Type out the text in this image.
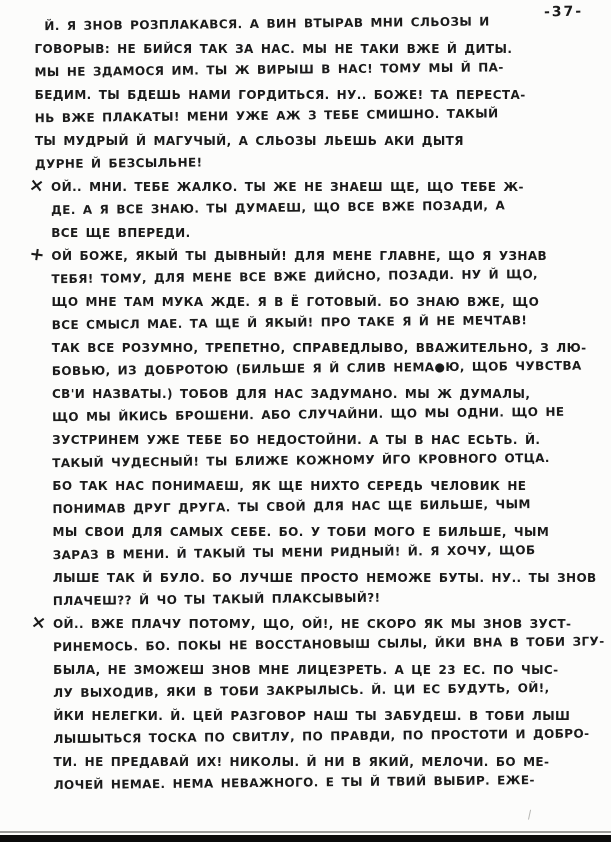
-37-
Й. Я ЗНОВ РОЗПЛАКАВСЯ. А ВИН ВТЫРАВ МНИ СЛЬОЗЫ И
ГОВОРЫВ: НЕ БИЙСЯ ТАК ЗА НАС. МЫ НЕ ТАКИ ВЖЕ Й ДИТЫ.
МЫ НЕ ЗДАМОСЯ ИМ. ТЫ Ж ВИРЫШ В НАС! ТОМУ МЫ Й ПА-
БЕДИМ. ТЫ БДЕШЬ НАМИ ГОРДИТЬСЯ. НУ.. БОЖЕ! ТА ПЕРЕСТА-
НЬ ВЖЕ ПЛАКАТЫ! МЕНИ УЖЕ АЖ З ТЕБЕ СМИШНО. ТАКЫЙ
ТЫ МУДРЫЙ Й МАГУЧЫЙ, А СЛЬОЗЫ ЛЬЕШЬ АКИ ДЫТЯ
ДУРНЕ Й БЕЗСЫЛЬНЕ!
× ОЙ.. МНИ. ТЕБЕ ЖАЛКО. ТЫ ЖЕ НЕ ЗНАЕШ ЩЕ, ЩО ТЕБЕ Ж-
ДЕ. А Я ВСЕ ЗНАЮ. ТЫ ДУМАЕШ, ЩО ВСЕ ВЖЕ ПОЗАДИ, А
ВСЕ ЩЕ ВПЕРЕДИ.
+ ОЙ БОЖЕ, ЯКЫЙ ТЫ ДЫВНЫЙ! ДЛЯ МЕНЕ ГЛАВНЕ, ЩО Я УЗНАВ
ТЕБЯ! ТОМУ, ДЛЯ МЕНЕ ВСЕ ВЖЕ ДИЙСНО, ПОЗАДИ. НУ Й ЩО,
ЩО МНЕ ТАМ МУКА ЖДЕ. Я В Ё ГОТОВЫЙ. БО ЗНАЮ ВЖЕ, ЩО
ВСЕ СМЫСЛ МАЕ. ТА ЩЕ Й ЯКЫЙ! ПРО ТАКЕ Я Й НЕ МЕЧТАВ!
ТАК ВСЕ РОЗУМНО, ТРЕПЕТНО, СПРАВЕДЛЫВО, ВВАЖИТЕЛЬНО, З ЛЮ-
БОВЬЮ, ИЗ ДОБРОТОЮ (БИЛЬШЕ Я Й СЛИВ НЕМА●Ю, ЩОБ ЧУВСТВА
СВ'И НАЗВАТЫ.) ТОБОВ ДЛЯ НАС ЗАДУМАНО. МЫ Ж ДУМАЛЫ,
ЩО МЫ ЙКИСЬ БРОШЕНИ. АБО СЛУЧАЙНИ. ЩО МЫ ОДНИ. ЩО НЕ
ЗУСТРИНЕМ УЖЕ ТЕБЕ БО НЕДОСТОЙНИ. А ТЫ В НАС ЕСЬТЬ. Й.
ТАКЫЙ ЧУДЕСНЫЙ! ТЫ БЛИЖЕ КОЖНОМУ ЙГО КРОВНОГО ОТЦА.
БО ТАК НАС ПОНИМАЕШ, ЯК ЩЕ НИХТО СЕРЕДЬ ЧЕЛОВИК НЕ
ПОНИМАВ ДРУГ ДРУГА. ТЫ СВОЙ ДЛЯ НАС ЩЕ БИЛЬШЕ, ЧЫМ
МЫ СВОИ ДЛЯ САМЫХ СЕБЕ. БО. У ТОБИ МОГО Е БИЛЬШЕ, ЧЫМ
ЗАРАЗ В МЕНИ. Й ТАКЫЙ ТЫ МЕНИ РИДНЫЙ! Й. Я ХОЧУ, ЩОБ
ЛЫШЕ ТАК Й БУЛО. БО ЛУЧШЕ ПРОСТО НЕМОЖЕ БУТЫ. НУ.. ТЫ ЗНОВ
ПЛАЧЕШ?? Й ЧО ТЫ ТАКЫЙ ПЛАКСЫВЫЙ?!
× ОЙ.. ВЖЕ ПЛАЧУ ПОТОМУ, ЩО, ОЙ!, НЕ СКОРО ЯК МЫ ЗНОВ ЗУСТ-
РИНЕМОСЬ. БО. ПОКЫ НЕ ВОССТАНОВЫШ СЫЛЫ, ЙКИ ВНА В ТОБИ ЗГУ-
БЫЛА, НЕ ЗМОЖЕШ ЗНОВ МНЕ ЛИЦЕЗРЕТЬ. А ЦЕ 23 ЕС. ПО ЧЫС-
ЛУ ВЫХОДИВ, ЯКИ В ТОБИ ЗАКРЫЛЫСЬ. Й. ЦИ ЕС БУДУТЬ, ОЙ!,
ЙКИ НЕЛЕГКИ. Й. ЦЕЙ РАЗГОВОР НАШ ТЫ ЗАБУДЕШ. В ТОБИ ЛЫШ
ЛЫШЫТЬСЯ ТОСКА ПО СВИТЛУ, ПО ПРАВДИ, ПО ПРОСТОТИ И ДОБРО-
ТИ. НЕ ПРЕДАВАЙ ИХ! НИКОЛЫ. Й НИ В ЯКИЙ, МЕЛОЧИ. БО МЕ-
ЛОЧЕЙ НЕМАЕ. НЕМА НЕВАЖНОГО. Е ТЫ Й ТВИЙ ВЫБИР. ЕЖЕ-
